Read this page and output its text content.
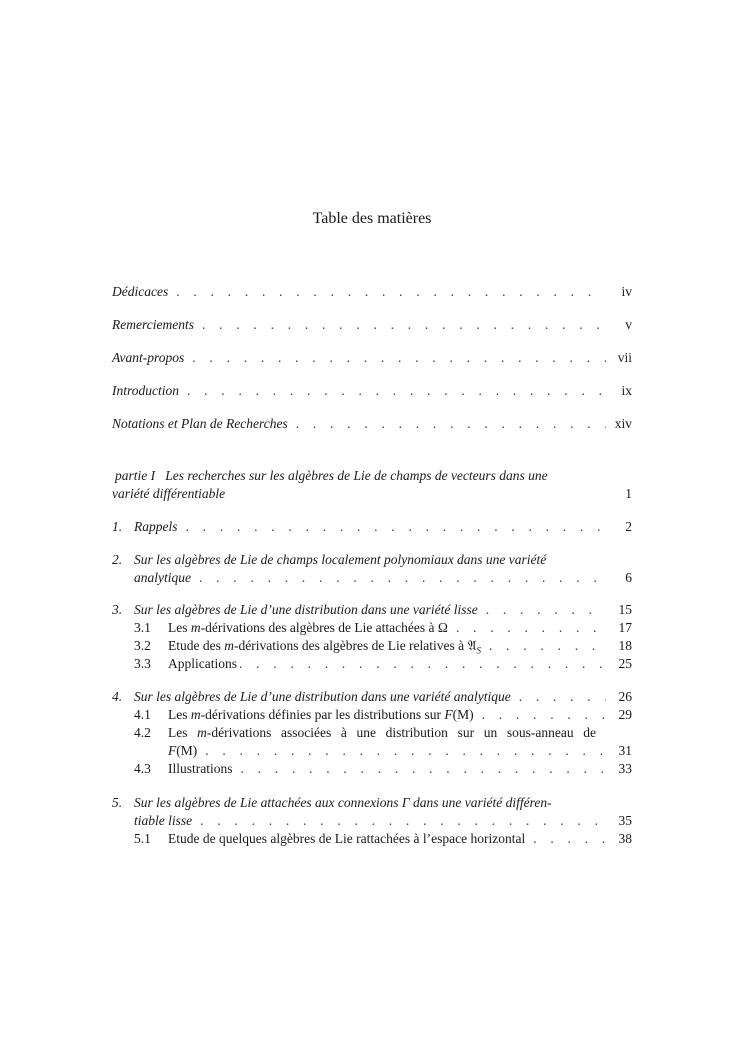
Table des matières
Dédicaces . . .	iv
Remerciements . . .	v
Avant-propos . . .	vii
Introduction . . .	ix
Notations et Plan de Recherches . . .	xiv
partie I Les recherches sur les algèbres de Lie de champs de vecteurs dans une
variété différentiable	1
1. Rappels . . .	2
2. Sur les algèbres de Lie de champs localement polynomiaux dans une variété
analytique . . .	6
3. Sur les algèbres de Lie d’une distribution dans une variété lisse . . .	15
3.1 Les m-dérivations des algèbres de Lie attachées à Ω . . .	17
3.2 Etude des m-dérivations des algèbres de Lie relatives à 𝔄$_S$ . . .	18
3.3 Applications . . .	25
4. Sur les algèbres de Lie d’une distribution dans une variété analytique . . .	26
4.1 Les m-dérivations définies par les distributions sur F(M) . . .	29
4.2 Les m-dérivations associées à une distribution sur un sous-anneau de
F(M) . . .	31
4.3 Illustrations . . .	33
5. Sur les algèbres de Lie attachées aux connexions Γ dans une variété différen-
tiable lisse . . .	35
5.1 Etude de quelques algèbres de Lie rattachées à l’espace horizontal . . .	38
